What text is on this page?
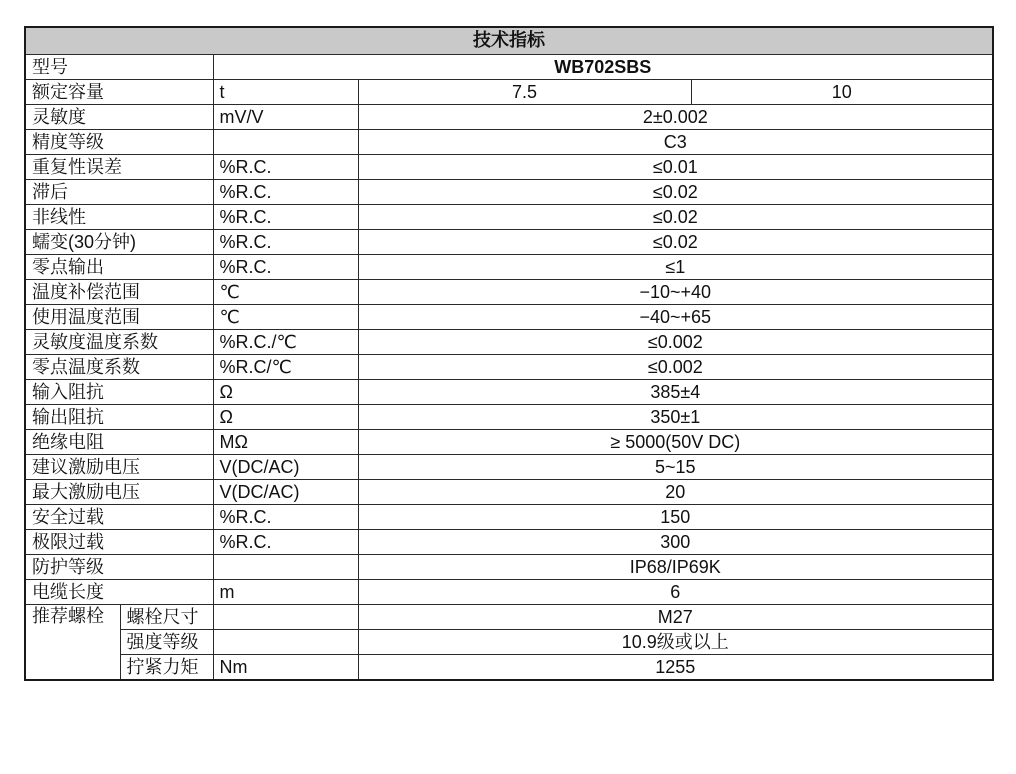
技术指标				
型号		WB702SBS		
额定容量		t	7.5	10
灵敏度		mV/V	2±0.002	
精度等级			C3	
重复性误差		%R.C.	≤0.01	
滞后		%R.C.	≤0.02	
非线性		%R.C.	≤0.02	
蠕变(30分钟)		%R.C.	≤0.02	
零点输出		%R.C.	≤1	
温度补偿范围		℃	−10~+40	
使用温度范围		℃	−40~+65	
灵敏度温度系数		%R.C./℃	≤0.002	
零点温度系数		%R.C/℃	≤0.002	
输入阻抗		Ω	385±4	
输出阻抗		Ω	350±1	
绝缘电阻		MΩ	≥ 5000(50V DC)	
建议激励电压		V(DC/AC)	5~15	
最大激励电压		V(DC/AC)	20	
安全过载		%R.C.	150	
极限过载		%R.C.	300	
防护等级			IP68/IP69K	
电缆长度		m	6	
推荐螺栓	螺栓尺寸		M27	
	强度等级		10.9级或以上	
	拧紧力矩	Nm	1255	
